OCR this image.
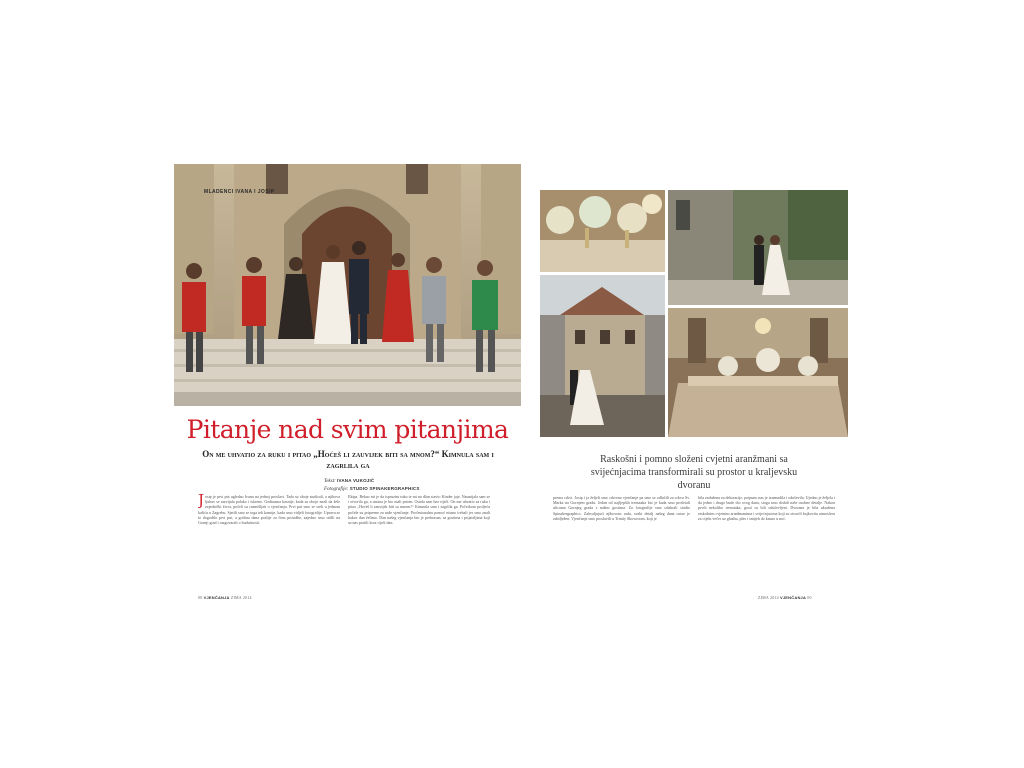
MLADENCI IVANA I JOSIP
Pitanje nad svim pitanjima
On me uhvatio za ruku i pitao „Hoćeš li zauvijek biti sa mnom?“ Kimnula sam i zagrlila ga
Tekst: IVANA VUKOJIĆ
Fotografije: STUDIO SPINAKERGRAPHICS
Josip je prvi put ugledao Ivanu na jednoj proslavi. Tada su oboje studirali, a njihova ljubav se razvijala polako i iskreno. Godinama kasnije, kada su oboje znali da žele zajednički život, počeli su razmišljati o vjenčanju. Prvi put smo se sreli u jednom kafiću u Zagrebu. Sjetili smo se toga tek kasnije, kada smo vidjeli fotografije. Uprava se to dogodilo prvi put, a godinu dana poslije za činu prosidbe, zajedno smo otišli na Gornji grad i razgovarali o budućnosti.
Ekipa. Rekao mi je da ispruzim ruku te mi na dlan stavio Kinder jaje. Nasmijala sam se i otvorila ga, a unutra je bio mali prsten. Ostala sam bez riječi. On me uhvatio za ruku i pitao „Hoćeš li zauvijek biti sa mnom?“ Kimnula sam i zagrlila ga. Početkom proljeća počele su pripreme za naše vjenčanje. Profesionalnu pomoć nismo trebali jer smo znali kakav dan želimo. Dan našeg vjenčanja bio je prekrasan, sa gostima i prijateljima koji su nas pratili kroz cijeli dan.
00 VJENČANJA ZIMA 2014
Raskošni i pomno složeni cvjetni aranžmani sa svijećnjacima transformirali su prostor u kraljevsku dvoranu
prema crkvi. Josip i ja željeli smo crkveno vjenčanje pa smo se odlučili za crkvu Sv. Marka na Gornjem gradu. Jedan od najljepših trenutaka bio je kada smo prošetali ulicama Gornjeg grada s našim gostima. Za fotografije smo odabrali studio Spinakergraphics. Zahvaljujući njihovom radu, svaki detalj našeg dana ostao je zabilježen. Vjenčanje smo proslavili u Trinity Showroom, koji je
bila zaduženа za dekoracije, potpuno nas je iznenadila i oduševila. Ujedno je željela i da jedno i drugo bude dio ovog dana, stoga smo dodali naše osobne detalje. Nakon prvih nekoliko trenutaka, gosti su bili oduševljeni. Dvorana je bila ukrašena raskošnim cvjetnim aranžmanima i svijećnjacima koji su stvorili bajkovitu atmosferu za cijelu večer uz glazbu, ples i smijeh do kasno u noć.
ZIMA 2014 VJENČANJA 00
